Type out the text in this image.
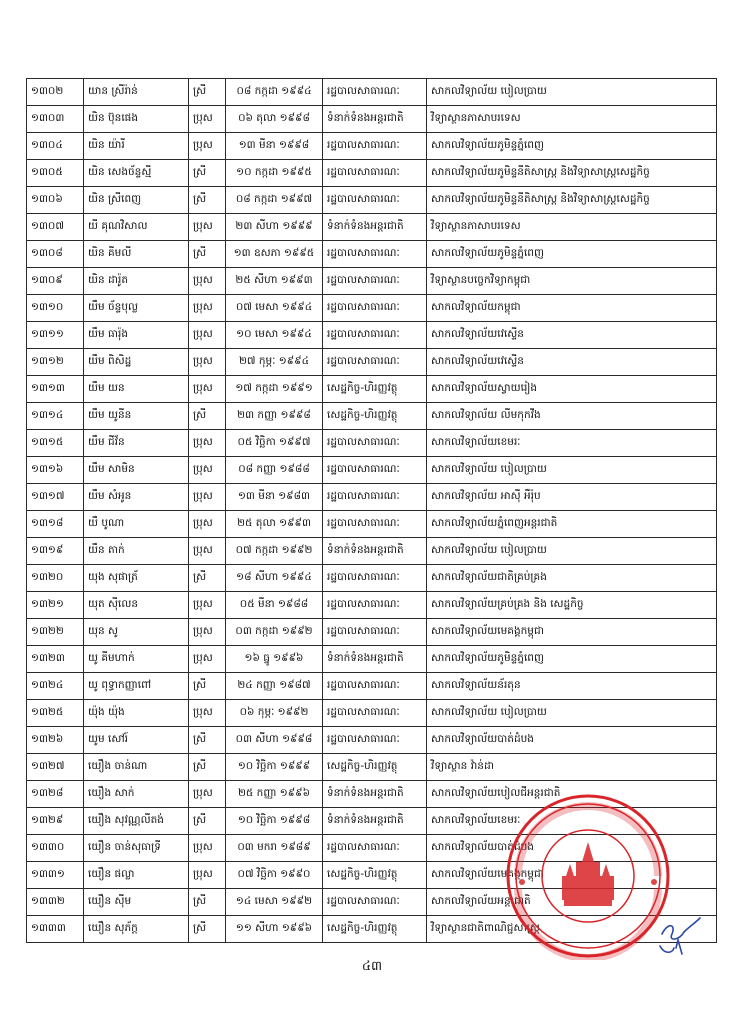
១៣០២	យាន ស្រីរ៉ាន់	ស្រី	០៨ កក្កដា ១៩៩៤	រដ្ឋបាលសាធារណៈ	សាកលវិទ្យាល័យ បៀលប្រាយ
១៣០៣	យិន ប៊ុនផេង	ប្រុស	០៦ តុលា ១៩៩៨	ទំនាក់ទំនងអន្តរជាតិ	វិទ្យាស្ថានភាសាបរទេស
១៣០៤	យិន យ៉ារី	ប្រុស	១៣ មីនា ១៩៩៨	រដ្ឋបាលសាធារណៈ	សាកលវិទ្យាល័យភូមិន្ទភ្នំពេញ
១៣០៥	យិន សេងច័ន្ទស្មី	ស្រី	១០ កក្កដា ១៩៩៥	រដ្ឋបាលសាធារណៈ	សាកលវិទ្យាល័យភូមិន្ទនីតិសាស្ត្រ និងវិទ្យាសាស្ត្រសេដ្ឋកិច្ច
១៣០៦	យិន ស្រីពេញ	ស្រី	០៨ កក្កដា ១៩៩៧	រដ្ឋបាលសាធារណៈ	សាកលវិទ្យាល័យភូមិន្ទនីតិសាស្ត្រ និងវិទ្យាសាស្ត្រសេដ្ឋកិច្ច
១៣០៧	យី គុណវិសាល	ប្រុស	២៣ សីហា ១៩៩៩	ទំនាក់ទំនងអន្តរជាតិ	វិទ្យាស្ថានភាសាបរទេស
១៣០៨	យិន គីមលី	ស្រី	១៣ ឧសភា ១៩៩៥	រដ្ឋបាលសាធារណៈ	សាកលវិទ្យាល័យភូមិន្ទភ្នំពេញ
១៣០៩	យិន ដារ៉ូត	ប្រុស	២៥ សីហា ១៩៩៣	រដ្ឋបាលសាធារណៈ	វិទ្យាស្ថានបច្ចេកវិទ្យាកម្ពុជា
១៣១០	យឹម ច័ន្ទបុល្ល	ប្រុស	០៧ មេសា ១៩៩៤	រដ្ឋបាលសាធារណៈ	សាកលវិទ្យាល័យកម្ពុជា
១៣១១	យឹម ធារ៉ុង	ប្រុស	១០ មេសា ១៩៩៤	រដ្ឋបាលសាធារណៈ	សាកលវិទ្យាល័យវេស្ទើន
១៣១២	យឹម ពិសិដ្ឋ	ប្រុស	២៧ កុម្ភៈ ១៩៩៤	រដ្ឋបាលសាធារណៈ	សាកលវិទ្យាល័យវេស្ទើន
១៣១៣	យឹម យន	ប្រុស	១៧ កក្កដា ១៩៩១	សេដ្ឋកិច្ច-ហិរញ្ញវត្ថុ	សាកលវិទ្យាល័យស្វាយរៀង
១៣១៤	យឹម យូនីន	ស្រី	២៣ កញ្ញា ១៩៩៨	សេដ្ឋកិច្ច-ហិរញ្ញវត្ថុ	សាកលវិទ្យាល័យ លីមកុកវីង
១៣១៥	យឹម ជីវ័ន	ប្រុស	០៥ វិច្ឆិកា ១៩៩៧	រដ្ឋបាលសាធារណៈ	សាកលវិទ្យាល័យខេមរៈ
១៣១៦	យឹម សាមិន	ប្រុស	០៨ កញ្ញា ១៩៨៨	រដ្ឋបាលសាធារណៈ	សាកលវិទ្យាល័យ បៀលប្រាយ
១៣១៧	យឹម សំអូន	ប្រុស	១៣ មីនា ១៩៨៣	រដ្ឋបាលសាធារណៈ	សាកលវិទ្យាល័យ អាស៊ី អឺរ៉ុប
១៣១៨	យឺ បូណា	ប្រុស	២៥ តុលា ១៩៩៣	រដ្ឋបាលសាធារណៈ	សាកលវិទ្យាល័យភ្នំពេញអន្តរជាតិ
១៣១៩	យឹន តាក់	ប្រុស	០៧ កក្កដា ១៩៩២	ទំនាក់ទំនងអន្តរជាតិ	សាកលវិទ្យាល័យ បៀលប្រាយ
១៣២០	យុង សុផាត្រ័	ស្រី	១៨ សីហា ១៩៩៤	រដ្ឋបាលសាធារណៈ	សាកលវិទ្យាល័យជាតិគ្រប់គ្រង
១៣២១	យុត ស៊ីលេន	ប្រុស	០៥ មីនា ១៩៨៨	រដ្ឋបាលសាធារណៈ	សាកលវិទ្យាល័យគ្រប់គ្រង និង សេដ្ឋកិច្ច
១៣២២	យុន សូ	ប្រុស	០៣ កក្កដា ១៩៩២	រដ្ឋបាលសាធារណៈ	សាកលវិទ្យាល័យមេគង្គកម្ពុជា
១៣២៣	យូ គីមហាក់	ប្រុស	១៦ ធ្នូ ១៩៩៦	ទំនាក់ទំនងអន្តរជាតិ	សាកលវិទ្យាល័យភូមិន្ទភ្នំពេញ
១៣២៤	យូ ពុទ្ធាកញ្ញាពៅ	ស្រី	២៤ កញ្ញា ១៩៨៧	រដ្ឋបាលសាធារណៈ	សាកលវិទ្យាល័យន័រតុន
១៣២៥	យ៉ុង យ៉ុង	ប្រុស	០៦ កុម្ភៈ ១៩៩២	រដ្ឋបាលសាធារណៈ	សាកលវិទ្យាល័យ បៀលប្រាយ
១៣២៦	យូម សៅរ៍	ស្រី	០៣ សីហា ១៩៩៨	រដ្ឋបាលសាធារណៈ	សាកលវិទ្យាល័យបាត់ដំបង
១៣២៧	យឿង ចាន់ណា	ស្រី	១០ វិច្ឆិកា ១៩៩៩	សេដ្ឋកិច្ច-ហិរញ្ញវត្ថុ	វិទ្យាស្ថាន វ៉ាន់ដា
១៣២៨	យឿង សាក់	ប្រុស	២៥ កញ្ញា ១៩៩៦	ទំនាក់ទំនងអន្តរជាតិ	សាកលវិទ្យាល័យបៀលជីអន្តរជាតិ
១៣២៩	យឿង សុវណ្ណលីតង់	ស្រី	១០ វិច្ឆិកា ១៩៩៨	ទំនាក់ទំនងអន្តរជាតិ	សាកលវិទ្យាល័យខេមរៈ
១៣៣០	យឿន ចាន់សុធាទ្រី	ប្រុស	០៣ មករា ១៩៨៩	រដ្ឋបាលសាធារណៈ	សាកលវិទ្យាល័យបាត់ដំបង
១៣៣១	យឿន ផល្លា	ប្រុស	០៧ វិច្ឆិកា ១៩៩០	សេដ្ឋកិច្ច-ហិរញ្ញវត្ថុ	សាកលវិទ្យាល័យមេគង្គកម្ពុជា
១៣៣២	យឿន ស៊ីម	ស្រី	១៤ មេសា ១៩៩២	រដ្ឋបាលសាធារណៈ	សាកលវិទ្យាល័យអន្តរជាតិ
១៣៣៣	យឿន សុភ័ក្ត	ស្រី	១១ សីហា ១៩៩៦	សេដ្ឋកិច្ច-ហិរញ្ញវត្ថុ	វិទ្យាស្ថានជាតិពាណិជ្ជសាស្ត្រ
៤៣
